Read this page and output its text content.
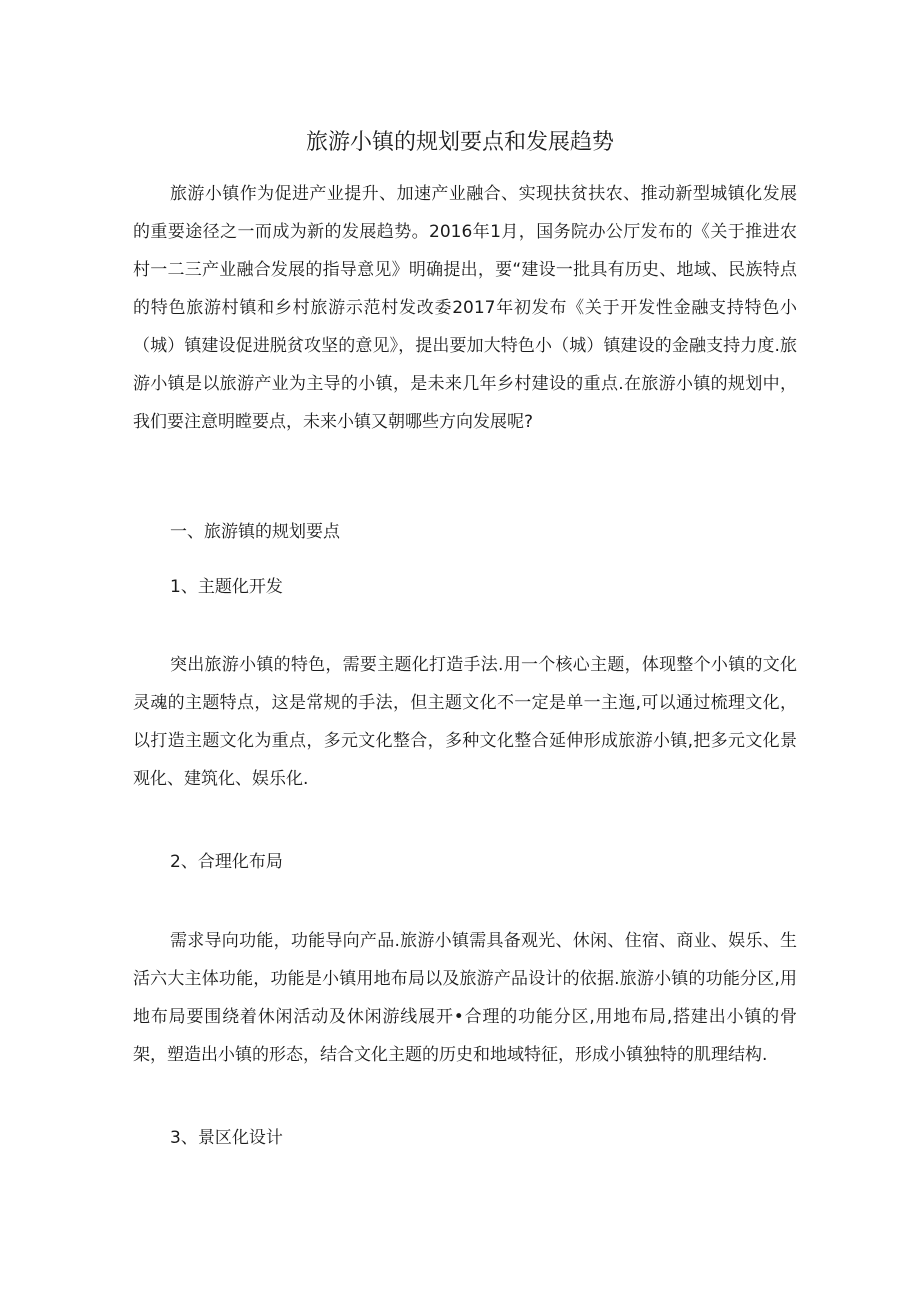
旅游小镇的规划要点和发展趋势

旅游小镇作为促进产业提升、加速产业融合、实现扶贫扶农、推动新型城镇化发展的重要途径之一而成为新的发展趋势。2016年1月，国务院办公厅发布的《关于推进农村一二三产业融合发展的指导意见》明确提出，要“建设一批具有历史、地域、民族特点的特色旅游村镇和乡村旅游示范村发改委2017年初发布《关于开发性金融支持特色小（城）镇建设促进脱贫攻坚的意见》，提出要加大特色小（城）镇建设的金融支持力度.旅游小镇是以旅游产业为主导的小镇，是未来几年乡村建设的重点.在旅游小镇的规划中，我们要注意明瞠要点，未来小镇又朝哪些方向发展呢?

一、旅游镇的规划要点
1、主题化开发

突出旅游小镇的特色，需要主题化打造手法.用一个核心主题，体现整个小镇的文化灵魂的主题特点，这是常规的手法，但主题文化不一定是单一主迤,可以通过梳理文化，以打造主题文化为重点，多元文化整合，多种文化整合延伸形成旅游小镇,把多元文化景观化、建筑化、娱乐化.

2、合理化布局

需求导向功能，功能导向产品.旅游小镇需具备观光、休闲、住宿、商业、娱乐、生活六大主体功能，功能是小镇用地布局以及旅游产品设计的依据.旅游小镇的功能分区,用地布局要围绕着休闲活动及休闲游线展开•合理的功能分区,用地布局,搭建出小镇的骨架，塑造出小镇的形态，结合文化主题的历史和地域特征，形成小镇独特的肌理结构.

3、景区化设计
